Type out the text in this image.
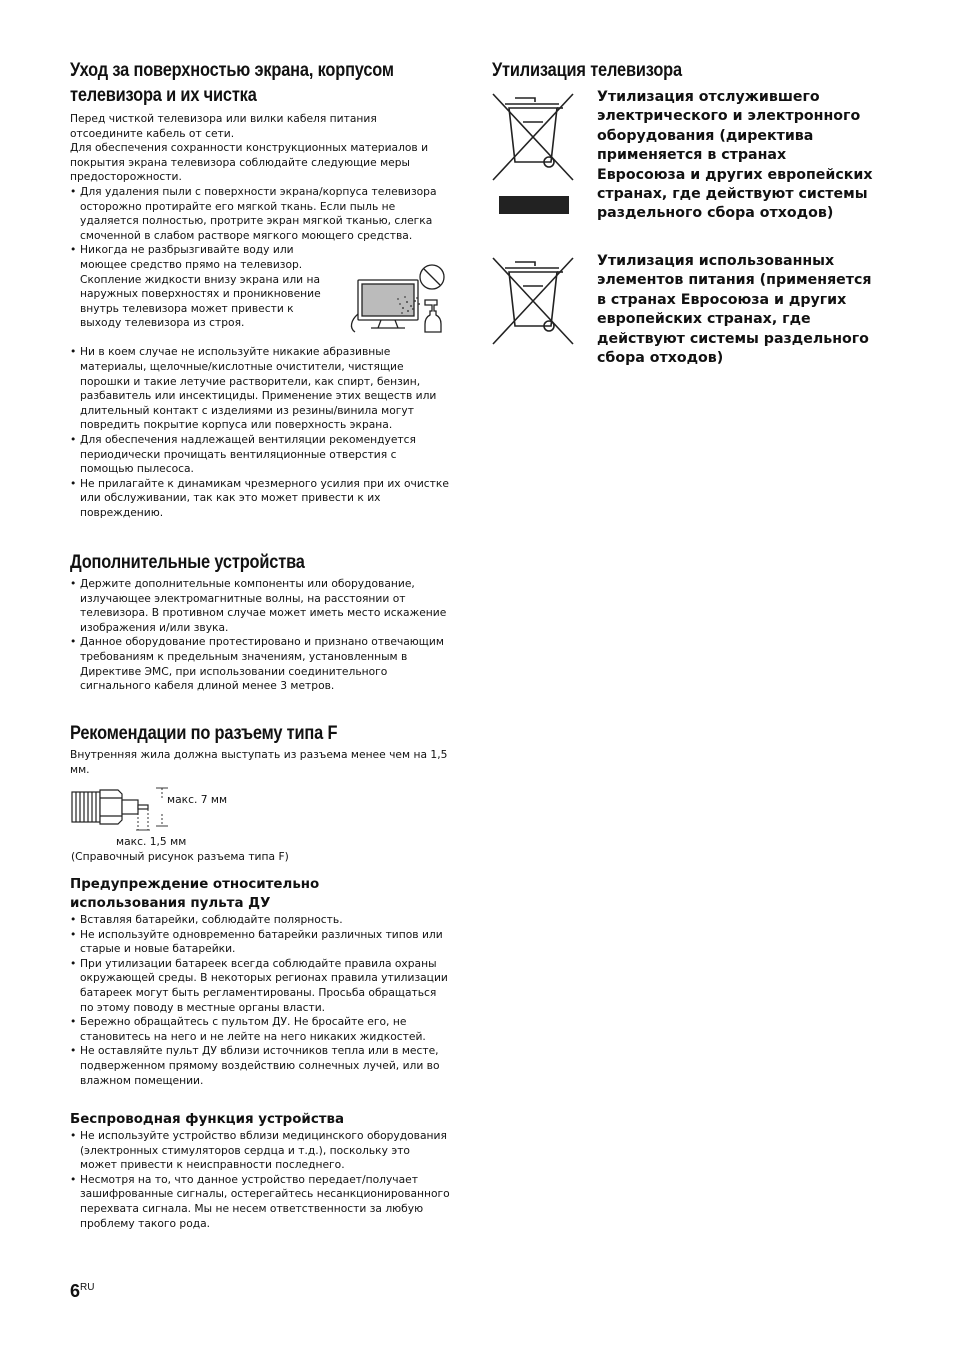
Уход за поверхностью экрана, корпусом
телевизора и их чистка
Перед чисткой телевизора или вилки кабеля питания отсоедините кабель от сети.
Для обеспечения сохранности конструкционных материалов и покрытия экрана телевизора соблюдайте следующие меры предосторожности.
• Для удаления пыли с поверхности экрана/корпуса телевизора осторожно протирайте его мягкой ткань. Если пыль не удаляется полностью, протрите экран мягкой тканью, слегка смоченной в слабом растворе мягкого моющего средства.
• Никогда не разбрызгивайте воду или моющее средство прямо на телевизор. Скопление жидкости внизу экрана или на наружных поверхностях и проникновение внутрь телевизора может привести к выходу телевизора из строя.
• Ни в коем случае не используйте никакие абразивные материалы, щелочные/кислотные очистители, чистящие порошки и такие летучие растворители, как спирт, бензин, разбавитель или инсектициды. Применение этих веществ или длительный контакт с изделиями из резины/винила могут повредить покрытие корпуса или поверхность экрана.
• Для обеспечения надлежащей вентиляции рекомендуется периодически прочищать вентиляционные отверстия с помощью пылесоса.
• Не прилагайте к динамикам чрезмерного усилия при их очистке или обслуживании, так как это может привести к их повреждению.
Дополнительные устройства
• Держите дополнительные компоненты или оборудование, излучающее электромагнитные волны, на расстоянии от телевизора. В противном случае может иметь место искажение изображения и/или звука.
• Данное оборудование протестировано и признано отвечающим требованиям к предельным значениям, установленным в Директиве ЭМС, при использовании соединительного сигнального кабеля длиной менее 3 метров.
Рекомендации по разъему типа F
Внутренняя жила должна выступать из разъема менее чем на 1,5 мм.
макс. 7 мм
макс. 1,5 мм
(Справочный рисунок разъема типа F)
Предупреждение относительно
использования пульта ДУ
• Вставляя батарейки, соблюдайте полярность.
• Не используйте одновременно батарейки различных типов или старые и новые батарейки.
• При утилизации батареек всегда соблюдайте правила охраны окружающей среды. В некоторых регионах правила утилизации батареек могут быть регламентированы. Просьба обращаться по этому поводу в местные органы власти.
• Бережно обращайтесь с пультом ДУ. Не бросайте его, не становитесь на него и не лейте на него никаких жидкостей.
• Не оставляйте пульт ДУ вблизи источников тепла или в месте, подверженном прямому воздействию солнечных лучей, или во влажном помещении.
Беспроводная функция устройства
• Не используйте устройство вблизи медицинского оборудования (электронных стимуляторов сердца и т.д.), поскольку это может привести к неисправности последнего.
• Несмотря на то, что данное устройство передает/получает зашифрованные сигналы, остерегайтесь несанкционированного перехвата сигнала. Мы не несем ответственности за любую проблему такого рода.
$6^{RU}$
Утилизация телевизора
Утилизация отслужившего электрического и электронного оборудования (директива применяется в странах Евросоюза и других европейских странах, где действуют системы раздельного сбора отходов)
Утилизация использованных элементов питания (применяется в странах Евросоюза и других европейских странах, где действуют системы раздельного сбора отходов)
